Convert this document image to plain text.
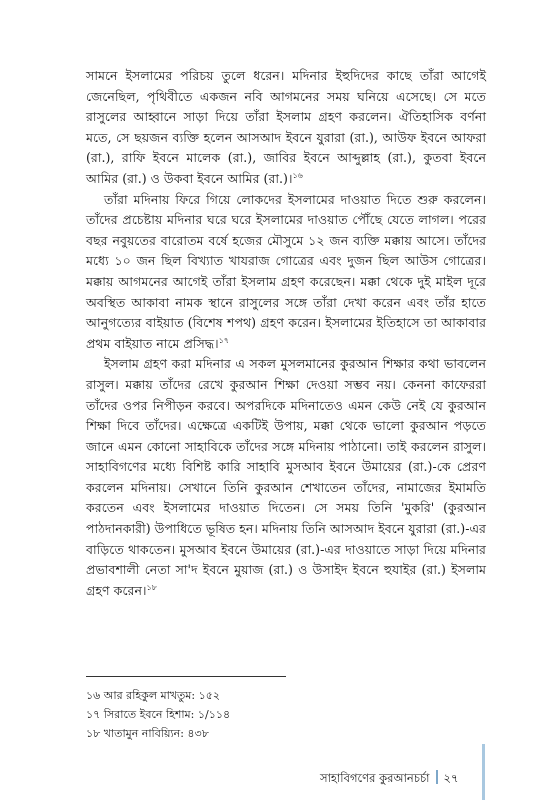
সামনে ইসলামের পরিচয় তুলে ধরেন। মদিনার ইহুদিদের কাছে তাঁরা আগেই জেনেছিল, পৃথিবীতে একজন নবি আগমনের সময় ঘনিয়ে এসেছে। সে মতে রাসুলের আহ্বানে সাড়া দিয়ে তাঁরা ইসলাম গ্রহণ করলেন। ঐতিহাসিক বর্ণনা মতে, সে ছয়জন ব্যক্তি হলেন আসআদ ইবনে যুরারা (রা.), আউফ ইবনে আফরা (রা.), রাফি ইবনে মালেক (রা.), জাবির ইবনে আব্দুল্লাহ (রা.), কুতবা ইবনে আমির (রা.) ও উকবা ইবনে আমির (রা.)।$^{১৬}$

তাঁরা মদিনায় ফিরে গিয়ে লোকদের ইসলামের দাওয়াত দিতে শুরু করলেন। তাঁদের প্রচেষ্টায় মদিনার ঘরে ঘরে ইসলামের দাওয়াত পৌঁছে যেতে লাগল। পরের বছর নবুয়তের বারোতম বর্ষে হজের মৌসুমে ১২ জন ব্যক্তি মক্কায় আসে। তাঁদের মধ্যে ১০ জন ছিল বিখ্যাত খাযরাজ গোত্রের এবং দুজন ছিল আউস গোত্রের। মক্কায় আগমনের আগেই তাঁরা ইসলাম গ্রহণ করেছেন। মক্কা থেকে দুই মাইল দূরে অবস্থিত আকাবা নামক স্থানে রাসুলের সঙ্গে তাঁরা দেখা করেন এবং তাঁর হাতে আনুগত্যের বাইয়াত (বিশেষ শপথ) গ্রহণ করেন। ইসলামের ইতিহাসে তা আকাবার প্রথম বাইয়াত নামে প্রসিদ্ধ।$^{১৭}$

ইসলাম গ্রহণ করা মদিনার এ সকল মুসলমানের কুরআন শিক্ষার কথা ভাবলেন রাসুল। মক্কায় তাঁদের রেখে কুরআন শিক্ষা দেওয়া সম্ভব নয়। কেননা কাফেররা তাঁদের ওপর নিপীড়ন করবে। অপরদিকে মদিনাতেও এমন কেউ নেই যে কুরআন শিক্ষা দিবে তাঁদের। এক্ষেত্রে একটিই উপায়, মক্কা থেকে ভালো কুরআন পড়তে জানে এমন কোনো সাহাবিকে তাঁদের সঙ্গে মদিনায় পাঠানো। তাই করলেন রাসুল। সাহাবিগণের মধ্যে বিশিষ্ট কারি সাহাবি মুসআব ইবনে উমায়ের (রা.)-কে প্রেরণ করলেন মদিনায়। সেখানে তিনি কুরআন শেখাতেন তাঁদের, নামাজের ইমামতি করতেন এবং ইসলামের দাওয়াত দিতেন। সে সময় তিনি 'মুকরি' (কুরআন পাঠদানকারী) উপাধিতে ভূষিত হন। মদিনায় তিনি আসআদ ইবনে যুরারা (রা.)-এর বাড়িতে থাকতেন। মুসআব ইবনে উমায়ের (রা.)-এর দাওয়াতে সাড়া দিয়ে মদিনার প্রভাবশালী নেতা সা'দ ইবনে মুয়াজ (রা.) ও উসাইদ ইবনে হুযাইর (রা.) ইসলাম গ্রহণ করেন।$^{১৮}$

১৬ আর রহিকুল মাখতুম: ১৫২
১৭ সিরাতে ইবনে হিশাম: ১/১১৪
১৮ খাতামুন নাবিয়্যিন: ৪৩৮
সাহাবিগণের কুরআনচর্চা ২৭
